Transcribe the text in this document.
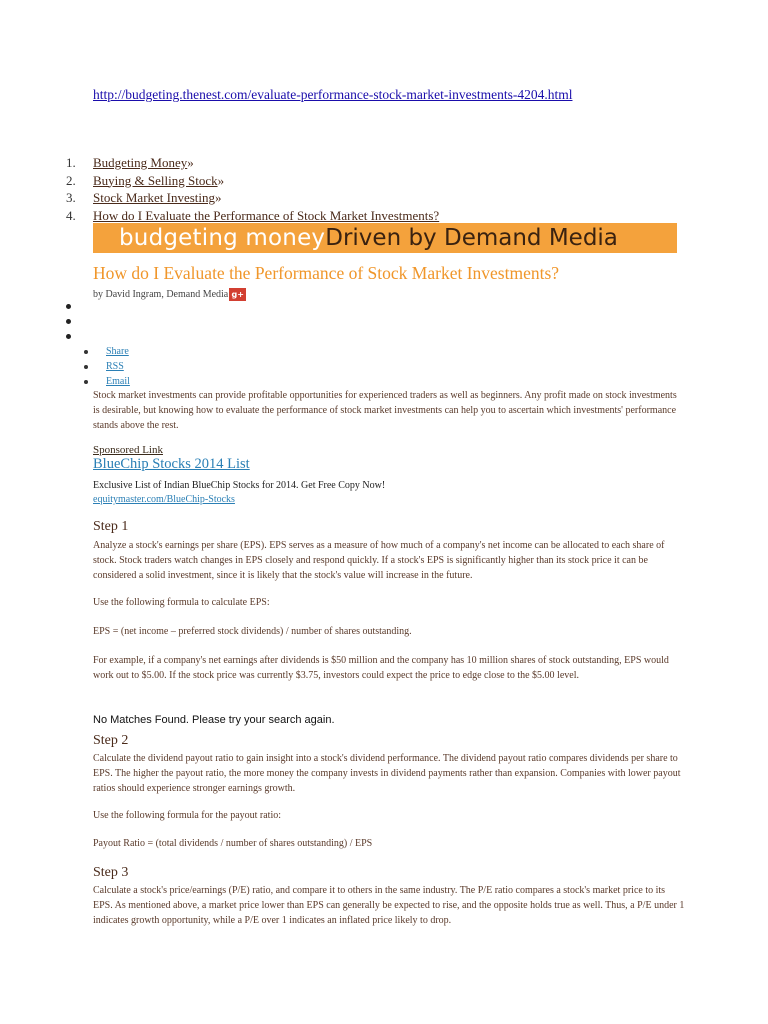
http://budgeting.thenest.com/evaluate-performance-stock-market-investments-4204.html
1.	Budgeting Money »
2.	Buying & Selling Stock »
3.	Stock Market Investing »
4.	How do I Evaluate the Performance of Stock Market Investments?
budgeting money Driven by Demand Media
How do I Evaluate the Performance of Stock Market Investments?
by David Ingram, Demand Media g+
Share
RSS
Email

Stock market investments can provide profitable opportunities for experienced traders as well as beginners. Any profit made on stock investments is desirable, but knowing how to evaluate the performance of stock market investments can help you to ascertain which investments' performance stands above the rest.

Sponsored Link
BlueChip Stocks 2014 List
Exclusive List of Indian BlueChip Stocks for 2014. Get Free Copy Now!
equitymaster.com/BlueChip-Stocks
Step 1

Analyze a stock's earnings per share (EPS). EPS serves as a measure of how much of a company's net income can be allocated to each share of stock. Stock traders watch changes in EPS closely and respond quickly. If a stock's EPS is significantly higher than its stock price it can be considered a solid investment, since it is likely that the stock's value will increase in the future.

Use the following formula to calculate EPS:

EPS = (net income – preferred stock dividends) / number of shares outstanding.

For example, if a company's net earnings after dividends is $50 million and the company has 10 million shares of stock outstanding, EPS would work out to $5.00. If the stock price was currently $3.75, investors could expect the price to edge close to the $5.00 level.

No Matches Found. Please try your search again.
Step 2

Calculate the dividend payout ratio to gain insight into a stock's dividend performance. The dividend payout ratio compares dividends per share to EPS. The higher the payout ratio, the more money the company invests in dividend payments rather than expansion. Companies with lower payout ratios should experience stronger earnings growth.

Use the following formula for the payout ratio:

Payout Ratio = (total dividends / number of shares outstanding) / EPS

Step 3

Calculate a stock's price/earnings (P/E) ratio, and compare it to others in the same industry. The P/E ratio compares a stock's market price to its EPS. As mentioned above, a market price lower than EPS can generally be expected to rise, and the opposite holds true as well. Thus, a P/E under 1 indicates growth opportunity, while a P/E over 1 indicates an inflated price likely to drop.
